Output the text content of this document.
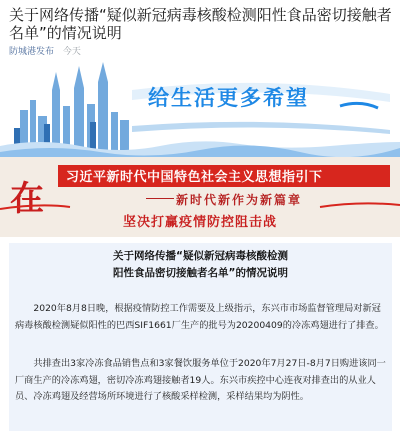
关于网络传播“疑似新冠病毒核酸检测阳性食品密切接触者名单”的情况说明
防城港发布 今天
给生活更多希望
习近平新时代中国特色社会主义思想指引下
在	新时代新作为新篇章
坚决打赢疫情防控阻击战
关于网络传播“疑似新冠病毒核酸检测
阳性食品密切接触者名单”的情况说明

2020年8月8日晚，根据疫情防控工作需要及上级指示，东兴市市场监督管理局对新冠病毒核酸检测疑似阳性的巴西SIF1661厂生产的批号为20200409的冷冻鸡翅进行了排查。

共排查出3家冷冻食品销售点和3家餐饮服务单位于2020年7月27日-8月7日购进该同一厂商生产的冷冻鸡翅，密切冷冻鸡翅接触者19人。东兴市疾控中心连夜对排查出的从业人员、冷冻鸡翅及经营场所环境进行了核酸采样检测，采样结果均为阴性。
